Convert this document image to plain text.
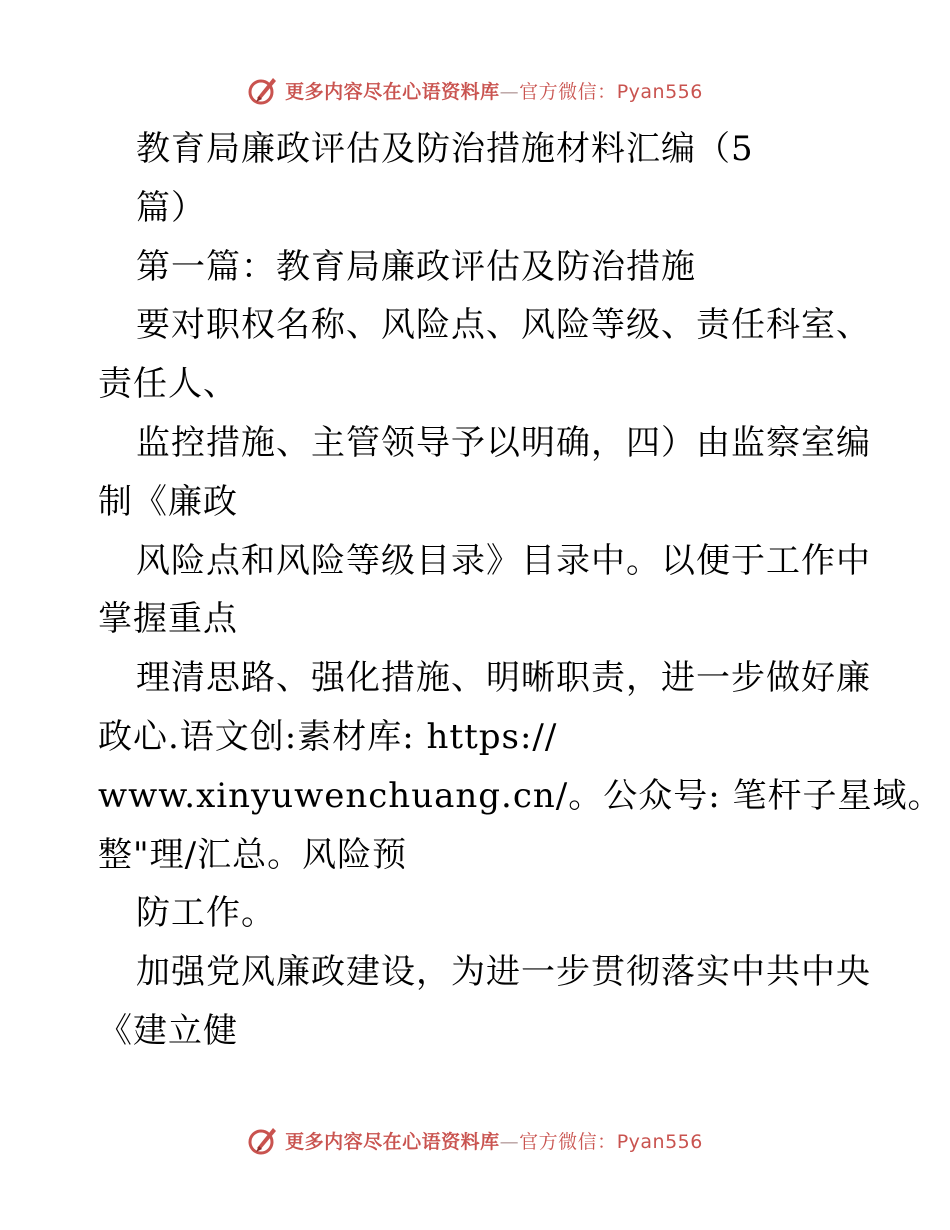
更多内容尽在心语资料库—官方微信：Pyan556
教育局廉政评估及防治措施材料汇编（5
篇）
第一篇：教育局廉政评估及防治措施
要对职权名称、风险点、风险等级、责任科室、
责任人、
监控措施、主管领导予以明确，四）由监察室编
制《廉政
风险点和风险等级目录》目录中。以便于工作中
掌握重点
理清思路、强化措施、明晰职责，进一步做好廉
政心.语文创:素材库: https://
www.xinyuwenchuang.cn/。公众号: 笔杆子星域。
整"理/汇总。风险预
防工作。
加强党风廉政建设，为进一步贯彻落实中共中央
《建立健
更多内容尽在心语资料库—官方微信：Pyan556
